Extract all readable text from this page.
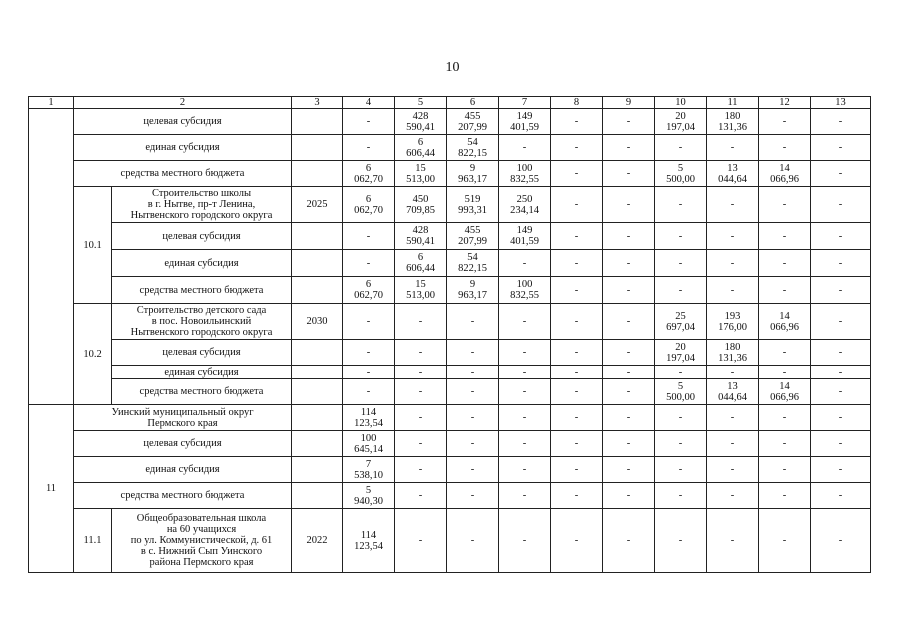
10
1	2		3	4	5	6	7	8	9	10	11	12	13
	целевая субсидия			-	428
590,41	455
207,99	149
401,59	-	-	20
197,04	180
131,36	-	-
	единая субсидия			-	6
606,44	54
822,15	-	-	-	-	-	-	-
	средства местного бюджета			6
062,70	15
513,00	9
963,17	100
832,55	-	-	5
500,00	13
044,64	14
066,96	-
	10.1	Строительство школы
в г. Нытве, пр-т Ленина,
Нытвенского городского округа	2025	6
062,70	450
709,85	519
993,31	250
234,14	-	-	-	-	-	-
		целевая субсидия		-	428
590,41	455
207,99	149
401,59	-	-	-	-	-	-
		единая субсидия		-	6
606,44	54
822,15	-	-	-	-	-	-	-
		средства местного бюджета		6
062,70	15
513,00	9
963,17	100
832,55	-	-	-	-	-	-
	10.2	Строительство детского сада
в пос. Новоильинский
Нытвенского городского округа	2030	-	-	-	-	-	-	25
697,04	193
176,00	14
066,96	-
		целевая субсидия		-	-	-	-	-	-	20
197,04	180
131,36	-	-
		единая субсидия		-	-	-	-	-	-	-	-	-	-
		средства местного бюджета		-	-	-	-	-	-	5
500,00	13
044,64	14
066,96	-
11	Уинский муниципальный округ
Пермского края			114
123,54	-	-	-	-	-	-	-	-	-
	целевая субсидия			100
645,14	-	-	-	-	-	-	-	-	-
	единая субсидия			7
538,10	-	-	-	-	-	-	-	-	-
	средства местного бюджета			5
940,30	-	-	-	-	-	-	-	-	-
	11.1	Общеобразовательная школа
на 60 учащихся
по ул. Коммунистической, д. 61
в с. Нижний Сып Уинского
района Пермского края	2022	114
123,54	-	-	-	-	-	-	-	-	-
